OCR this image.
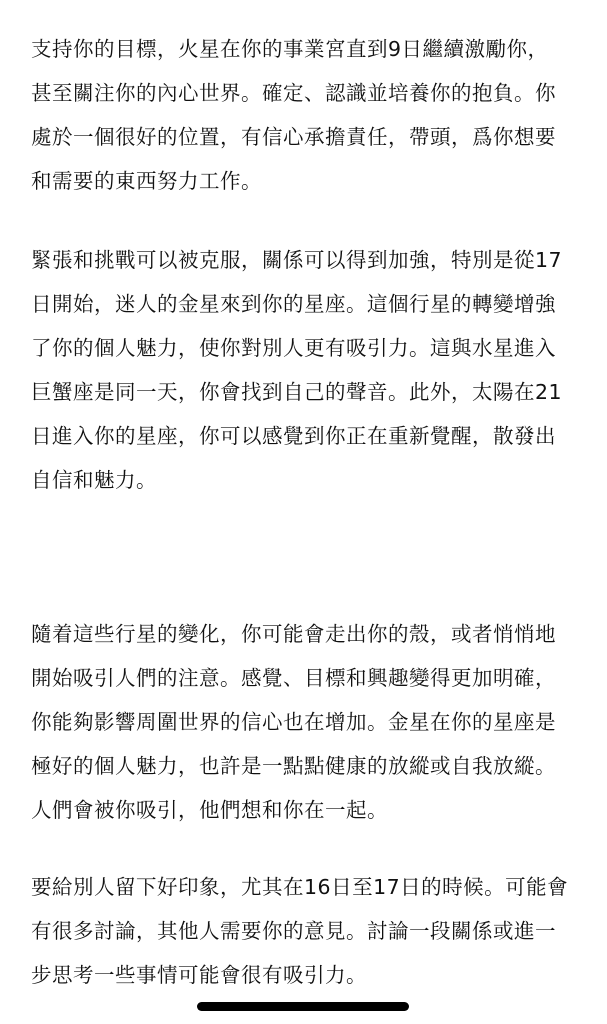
支持你的目標，火星在你的事業宮直到9日繼續激勵你，
甚至關注你的內心世界。確定、認識並培養你的抱負。你
處於一個很好的位置，有信心承擔責任，帶頭，爲你想要
和需要的東西努力工作。
緊張和挑戰可以被克服，關係可以得到加強，特別是從17
日開始，迷人的金星來到你的星座。這個行星的轉變增強
了你的個人魅力，使你對別人更有吸引力。這與水星進入
巨蟹座是同一天，你會找到自己的聲音。此外，太陽在21
日進入你的星座，你可以感覺到你正在重新覺醒，散發出
自信和魅力。
隨着這些行星的變化，你可能會走出你的殼，或者悄悄地
開始吸引人們的注意。感覺、目標和興趣變得更加明確，
你能夠影響周圍世界的信心也在增加。金星在你的星座是
極好的個人魅力，也許是一點點健康的放縱或自我放縱。
人們會被你吸引，他們想和你在一起。
要給別人留下好印象，尤其在16日至17日的時候。可能會
有很多討論，其他人需要你的意見。討論一段關係或進一
步思考一些事情可能會很有吸引力。
